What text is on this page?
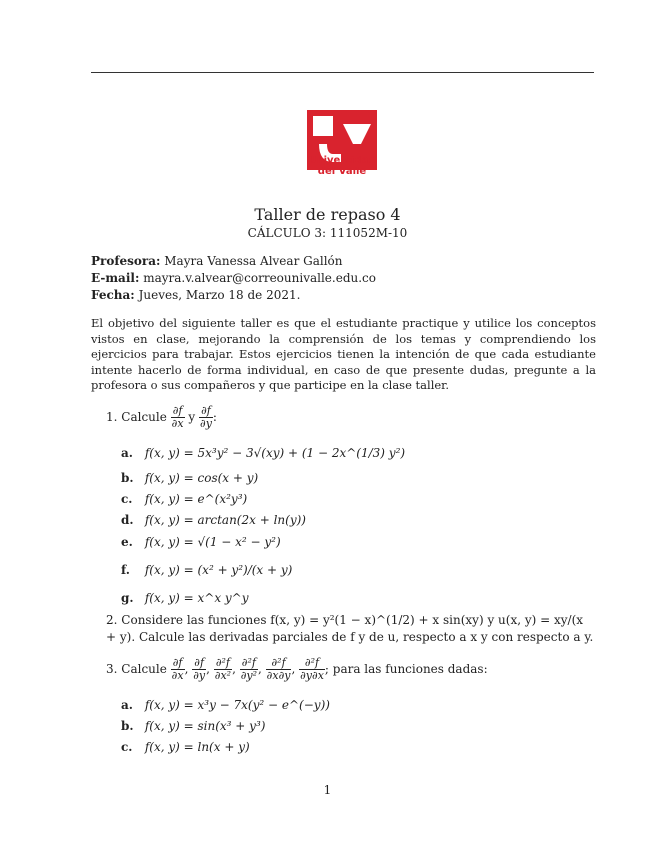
Universidad
del Valle
Taller de repaso 4
CÁLCULO 3: 111052M-10
Profesora: Mayra Vanessa Alvear Gallón
E-mail: mayra.v.alvear@correounivalle.edu.co
Fecha: Jueves, Marzo 18 de 2021.
El objetivo del siguiente taller es que el estudiante practique y utilice los conceptos vistos en clase, mejorando la comprensión de los temas y comprendiendo los ejercicios para trabajar. Estos ejercicios tienen la intención de que cada estudiante intente hacerlo de forma individual, en caso de que presente dudas, pregunte a la profesora o sus compañeros y que participe en la clase taller.
1. Calcule $\frac{\partial f}{\partial x}$ y $\frac{\partial f}{\partial y}$ :
a. f(x, y) = 5x³y² − 3√(xy) + (1 − 2x^(1/3) y²)
b. f(x, y) = cos(x + y)
c. f(x, y) = e^(x²y³)
d. f(x, y) = arctan(2x + ln(y))
e. f(x, y) = √(1 − x² − y²)
f. f(x, y) = (x² + y²)/(x + y)
g. f(x, y) = x^x y^y
2. Considere las funciones f(x, y) = y²(1 − x)^(1/2) + x sin(xy) y u(x, y) = xy/(x + y). Calcule las derivadas parciales de f y de u, respecto a x y con respecto a y.
3. Calcule $\frac{\partial f}{\partial x}$ , $\frac{\partial f}{\partial y}$ , $\frac{\text{∂²f}}{\text{∂x²}}$ , $\frac{\text{∂²f}}{\text{∂y²}}$ , $\frac{\text{∂²f}}{\partial x\partial y}$ , $\frac{\text{∂²f}}{\partial y\partial x}$ ; para las funciones dadas:
a. f(x, y) = x³y − 7x(y² − e^(−y))
b. f(x, y) = sin(x³ + y³)
c. f(x, y) = ln(x + y)
1
